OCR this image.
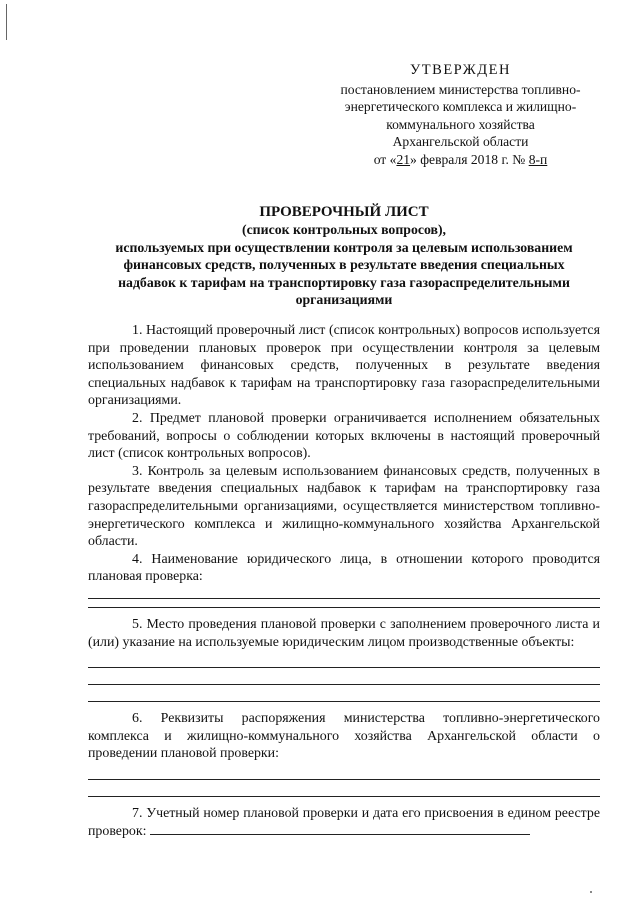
УТВЕРЖДЕН
постановлением министерства топливно-
энергетического комплекса и жилищно-
коммунального хозяйства
Архангельской области
от «21» февраля 2018 г. № 8-п
ПРОВЕРОЧНЫЙ ЛИСТ
(список контрольных вопросов),
используемых при осуществлении контроля за целевым использованием
финансовых средств, полученных в результате введения специальных
надбавок к тарифам на транспортировку газа газораспределительными
организациями

1. Настоящий проверочный лист (список контрольных) вопросов используется при проведении плановых проверок при осуществлении контроля за целевым использованием финансовых средств, полученных в результате введения специальных надбавок к тарифам на транспортировку газа газораспределительными организациями.

2. Предмет плановой проверки ограничивается исполнением обязательных требований, вопросы о соблюдении которых включены в настоящий проверочный лист (список контрольных вопросов).

3. Контроль за целевым использованием финансовых средств, полученных в результате введения специальных надбавок к тарифам на транспортировку газа газораспределительными организациями, осуществляется министерством топливно-энергетического комплекса и жилищно-коммунального хозяйства Архангельской области.

4. Наименование юридического лица, в отношении которого проводится плановая проверка:

5. Место проведения плановой проверки с заполнением проверочного листа и (или) указание на используемые юридическим лицом производственные объекты:

6. Реквизиты распоряжения министерства топливно-энергетического комплекса и жилищно-коммунального хозяйства Архангельской области о проведении плановой проверки:

7. Учетный номер плановой проверки и дата его присвоения в едином реестре проверок:
